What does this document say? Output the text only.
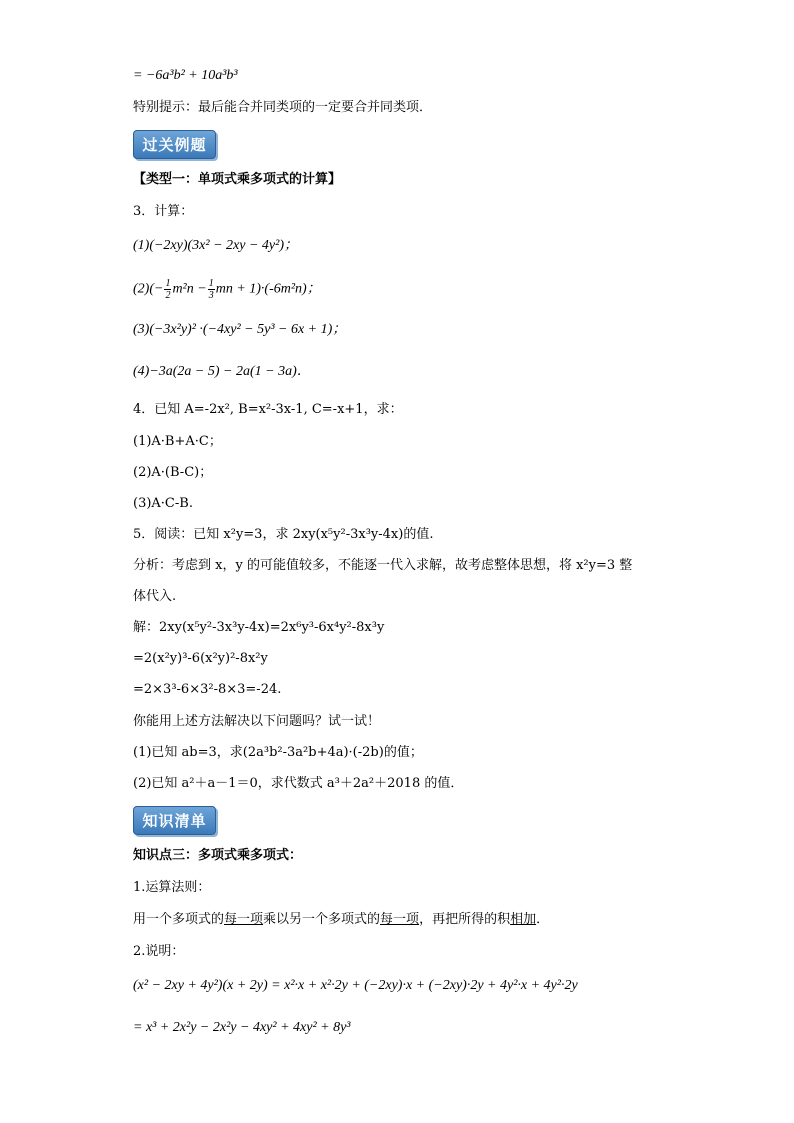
= −6a³b² + 10a³b³
特别提示：最后能合并同类项的一定要合并同类项．
过关例题
【类型一：单项式乘多项式的计算】
3．计算：
(1)(−2xy)(3x² − 2xy − 4y²)；
$(2)(- \frac{1}{2} m^2n - \frac{1}{3}$ mn + 1)·(-6m²n)；
(3)(−3x²y)² ·(−4xy² − 5y³ − 6x + 1)；
(4)−3a(2a − 5) − 2a(1 − 3a)．
4．已知 A=-2x², B=x²-3x-1, C=-x+1，求：
(1)A·B+A·C；
(2)A·(B-C)；
(3)A·C-B.
5．阅读：已知 x²y=3，求 2xy(x⁵y²-3x³y-4x)的值.
分析：考虑到 x，y 的可能值较多，不能逐一代入求解，故考虑整体思想，将 x²y=3 整
体代入.
解：2xy(x⁵y²-3x³y-4x)=2x⁶y³-6x⁴y²-8x³y
=2(x²y)³-6(x²y)²-8x²y
=2×3³-6×3²-8×3=-24.
你能用上述方法解决以下问题吗？试一试！
(1)已知 ab=3，求(2a³b²-3a²b+4a)·(-2b)的值；
(2)已知 a²＋a－1＝0，求代数式 a³＋2a²＋2018 的值．
知识清单
知识点三：多项式乘多项式：
1.运算法则：
用一个多项式的每一项乘以另一个多项式的每一项，再把所得的积相加．
2.说明：
(x² − 2xy + 4y²)(x + 2y) = x²·x + x²·2y + (−2xy)·x + (−2xy)·2y + 4y²·x + 4y²·2y
= x³ + 2x²y − 2x²y − 4xy² + 4xy² + 8y³
